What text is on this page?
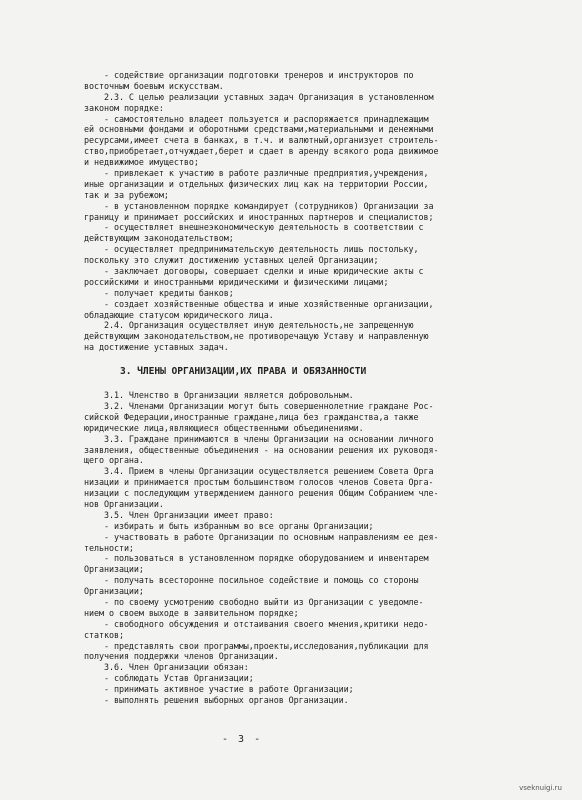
- содействие организации подготовки тренеров и инструкторов по
восточным боевым искусствам.
2.3. С целью реализации уставных задач Организация в установленном
законом порядке:
- самостоятельно владеет пользуется и распоряжается принадлежащим
ей основными фондами и оборотными средствами,материальными и денежными
ресурсами,имеет счета в банках, в т.ч. и валютный,организует строитель-
ство,приобретает,отчуждает,берет и сдает в аренду всякого рода движимое
и недвижимое имущество;
- привлекает к участию в работе различные предприятия,учреждения,
иные организации и отдельных физических лиц как на территории России,
так и за рубежом;
- в установленном порядке командирует (сотрудников) Организации за
границу и принимает российских и иностранных партнеров и специалистов;
- осуществляет внешнеэкономическую деятельность в соответствии с
действующим законодательством;
- осуществляет предпринимательскую деятельность лишь постольку,
поскольку это служит достижению уставных целей Организации;
- заключает договоры, совершает сделки и иные юридические акты с
российскими и иностранными юридическими и физическими лицами;
- получает кредиты банков;
- создает хозяйственные общества и иные хозяйственные организации,
обладающие статусом юридического лица.
2.4. Организация осуществляет иную деятельность,не запрещенную
действующим законодательством,не противоречащую Уставу и направленную
на достижение уставных задач.
3. ЧЛЕНЫ ОРГАНИЗАЦИИ,ИХ ПРАВА И ОБЯЗАННОСТИ
3.1. Членство в Организации является добровольным.
3.2. Членами Организации могут быть совершеннолетние граждане Рос-
сийской Федерации,иностранные граждане,лица без гражданства,а также
юридические лица,являющиеся общественными объединениями.
3.3. Граждане принимаются в члены Организации на основании личного
заявления, общественные объединения - на основании решения их руководя-
щего органа.
3.4. Прием в члены Организации осуществляется решением Совета Орга
низации и принимается простым большинством голосов членов Совета Орга-
низации с последующим утверждением данного решения Общим Собранием чле-
нов Организации.
3.5. Член Организации имеет право:
- избирать и быть избранным во все органы Организации;
- участвовать в работе Организации по основным направлениям ее дея-
тельности;
- пользоваться в установленном порядке оборудованием и инвентарем
Организации;
- получать всесторонне посильное содействие и помощь со стороны
Организации;
- по своему усмотрению свободно выйти из Организации с уведомле-
нием о своем выходе в заявительном порядке;
- свободного обсуждения и отстаивания своего мнения,критики недо-
статков;
- представлять свои программы,проекты,исследования,публикации для
получения поддержки членов Организации.
3.6. Член Организации обязан:
- соблюдать Устав Организации;
- принимать активное участие в работе Организации;
- выполнять решения выборных органов Организации.
- 3 -
vseknuigi.ru
